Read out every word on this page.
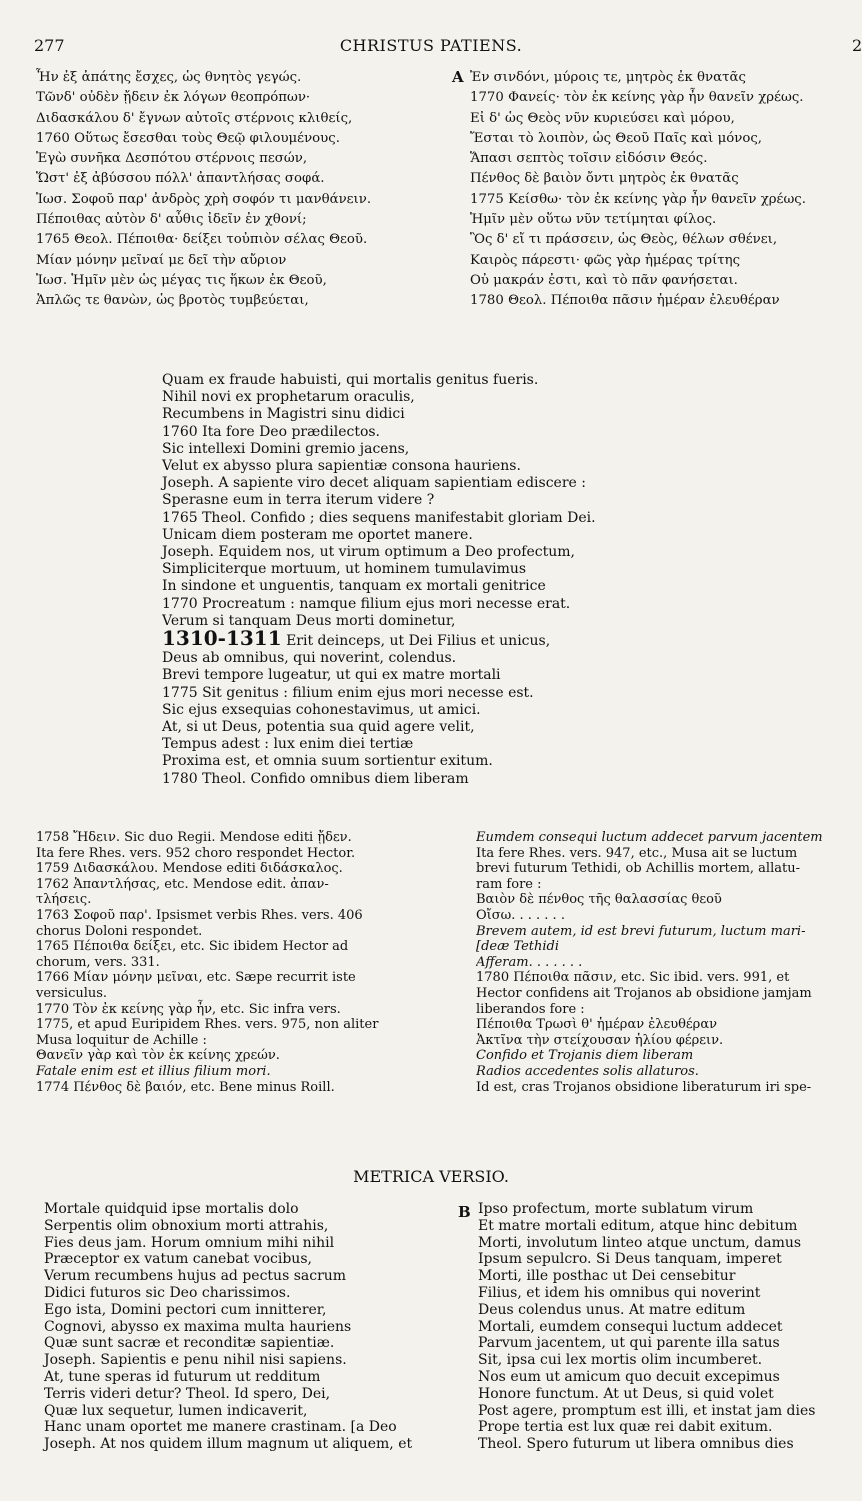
277	CHRISTUS PATIENS.	2
Ἦν ἐξ ἀπάτης ἔσχες, ὡς θνητὸς γεγώς.
Τῶνδ' οὐδὲν ᾔδειν ἐκ λόγων θεοπρόπων·
Διδασκάλου δ' ἔγνων αὐτοῖς στέρνοις κλιθείς,
1760 Οὕτως ἔσεσθαι τοὺς Θεῷ φιλουμένους.
Ἐγὼ συνῆκα Δεσπότου στέρνοις πεσών,
Ὥστ' ἐξ ἀβύσσου πόλλ' ἀπαντλήσας σοφά.
Ἰωσ. Σοφοῦ παρ' ἀνδρὸς χρὴ σοφόν τι μανθάνειν.
Πέποιθας αὐτὸν δ' αὖθις ἰδεῖν ἐν χθονί;
1765 Θεολ. Πέποιθα· δείξει τοὐπιὸν σέλας Θεοῦ.
Μίαν μόνην μεῖναί με δεῖ τὴν αὔριον
Ἰωσ. Ἡμῖν μὲν ὡς μέγας τις ἥκων ἐκ Θεοῦ,
Ἁπλῶς τε θανὼν, ὡς βροτὸς τυμβεύεται,
A Ἐν σινδόνι, μύροις τε, μητρὸς ἐκ θνατᾶς
1770 Φανείς· τὸν ἐκ κείνης γὰρ ἦν θανεῖν χρέως.
Εἰ δ' ὡς Θεὸς νῦν κυριεύσει καὶ μόρου,
Ἔσται τὸ λοιπὸν, ὡς Θεοῦ Παῖς καὶ μόνος,
Ἅπασι σεπτὸς τοῖσιν εἰδόσιν Θεός.
Πένθος δὲ βαιὸν ὄντι μητρὸς ἐκ θνατᾶς
1775 Κείσθω· τὸν ἐκ κείνης γὰρ ἦν θανεῖν χρέως.
Ἡμῖν μὲν οὕτω νῦν τετίμηται φίλος.
Ὃς δ' εἴ τι πράσσειν, ὡς Θεὸς, θέλων σθένει,
Καιρὸς πάρεστι· φῶς γὰρ ἡμέρας τρίτης
Οὐ μακράν ἐστι, καὶ τὸ πᾶν φανήσεται.
1780 Θεολ. Πέποιθα πᾶσιν ἡμέραν ἐλευθέραν
Quam ex fraude habuisti, qui mortalis genitus fueris.
Nihil novi ex prophetarum oraculis,
Recumbens in Magistri sinu didici
1760 Ita fore Deo prædilectos.
Sic intellexi Domini gremio jacens,
Velut ex abysso plura sapientiæ consona hauriens.
Joseph. A sapiente viro decet aliquam sapientiam ediscere :
Sperasne eum in terra iterum videre ?
1765 Theol. Confido ; dies sequens manifestabit gloriam Dei.
Unicam diem posteram me oportet manere.
Joseph. Equidem nos, ut virum optimum a Deo profectum,
Simpliciterque mortuum, ut hominem tumulavimus
In sindone et unguentis, tanquam ex mortali genitrice
1770 Procreatum : namque filium ejus mori necesse erat.
Verum si tanquam Deus morti dominetur,
1310-1311 Erit deinceps, ut Dei Filius et unicus,
Deus ab omnibus, qui noverint, colendus.
Brevi tempore lugeatur, ut qui ex matre mortali
1775 Sit genitus : filium enim ejus mori necesse est.
Sic ejus exsequias cohonestavimus, ut amici.
At, si ut Deus, potentia sua quid agere velit,
Tempus adest : lux enim diei tertiæ
Proxima est, et omnia suum sortientur exitum.
1780 Theol. Confido omnibus diem liberam
1758 Ἤδειν. Sic duo Regii. Mendose editi ᾔδεν.
Ita fere Rhes. vers. 952 choro respondet Hector.
1759 Διδασκάλου. Mendose editi διδάσκαλος.
1762 Ἀπαντλήσας, etc. Mendose edit. ἀπαν-
τλήσεις.
1763 Σοφοῦ παρ'. Ipsismet verbis Rhes. vers. 406
chorus Doloni respondet.
1765 Πέποιθα δείξει, etc. Sic ibidem Hector ad
chorum, vers. 331.
1766 Μίαν μόνην μεῖναι, etc. Sæpe recurrit iste
versiculus.
1770 Τὸν ἐκ κείνης γὰρ ἦν, etc. Sic infra vers.
1775, et apud Euripidem Rhes. vers. 975, non aliter
Musa loquitur de Achille :
Θανεῖν γὰρ καὶ τὸν ἐκ κείνης χρεών.
Fatale enim est et illius filium mori.
1774 Πένθος δὲ βαιόν, etc. Bene minus Roill.
Eumdem consequi luctum addecet parvum jacentem
Ita fere Rhes. vers. 947, etc., Musa ait se luctum
brevi futurum Tethidi, ob Achillis mortem, allatu-
ram fore :
Βαιὸν δὲ πένθος τῆς θαλασσίας θεοῦ
Οἴσω. . . . . . .
Brevem autem, id est brevi futurum, luctum mari-
[deæ Tethidi
Afferam. . . . . . .
1780 Πέποιθα πᾶσιν, etc. Sic ibid. vers. 991, et
Hector confidens ait Trojanos ab obsidione jamjam
liberandos fore :
Πέποιθα Τρωσὶ θ' ἡμέραν ἐλευθέραν
Ἀκτῖνα τὴν στείχουσαν ἡλίου φέρειν.
Confido et Trojanis diem liberam
Radios accedentes solis allaturos.
Id est, cras Trojanos obsidione liberaturum iri spe-
METRICA VERSIO.
Mortale quidquid ipse mortalis dolo
Serpentis olim obnoxium morti attrahis,
Fies deus jam. Horum omnium mihi nihil
Præceptor ex vatum canebat vocibus,
Verum recumbens hujus ad pectus sacrum
Didici futuros sic Deo charissimos.
Ego ista, Domini pectori cum innitterer,
Cognovi, abysso ex maxima multa hauriens
Quæ sunt sacræ et reconditæ sapientiæ.
Joseph. Sapientis e penu nihil nisi sapiens.
At, tune speras id futurum ut redditum
Terris videri detur? Theol. Id spero, Dei,
Quæ lux sequetur, lumen indicaverit,
Hanc unam oportet me manere crastinam. [a Deo
Joseph. At nos quidem illum magnum ut aliquem, et
B Ipso profectum, morte sublatum virum
Et matre mortali editum, atque hinc debitum
Morti, involutum linteo atque unctum, damus
Ipsum sepulcro. Si Deus tanquam, imperet
Morti, ille posthac ut Dei censebitur
Filius, et idem his omnibus qui noverint
Deus colendus unus. At matre editum
Mortali, eumdem consequi luctum addecet
Parvum jacentem, ut qui parente illa satus
Sit, ipsa cui lex mortis olim incumberet.
Nos eum ut amicum quo decuit excepimus
Honore functum. At ut Deus, si quid volet
Post agere, promptum est illi, et instat jam dies
Prope tertia est lux quæ rei dabit exitum.
Theol. Spero futurum ut libera omnibus dies
